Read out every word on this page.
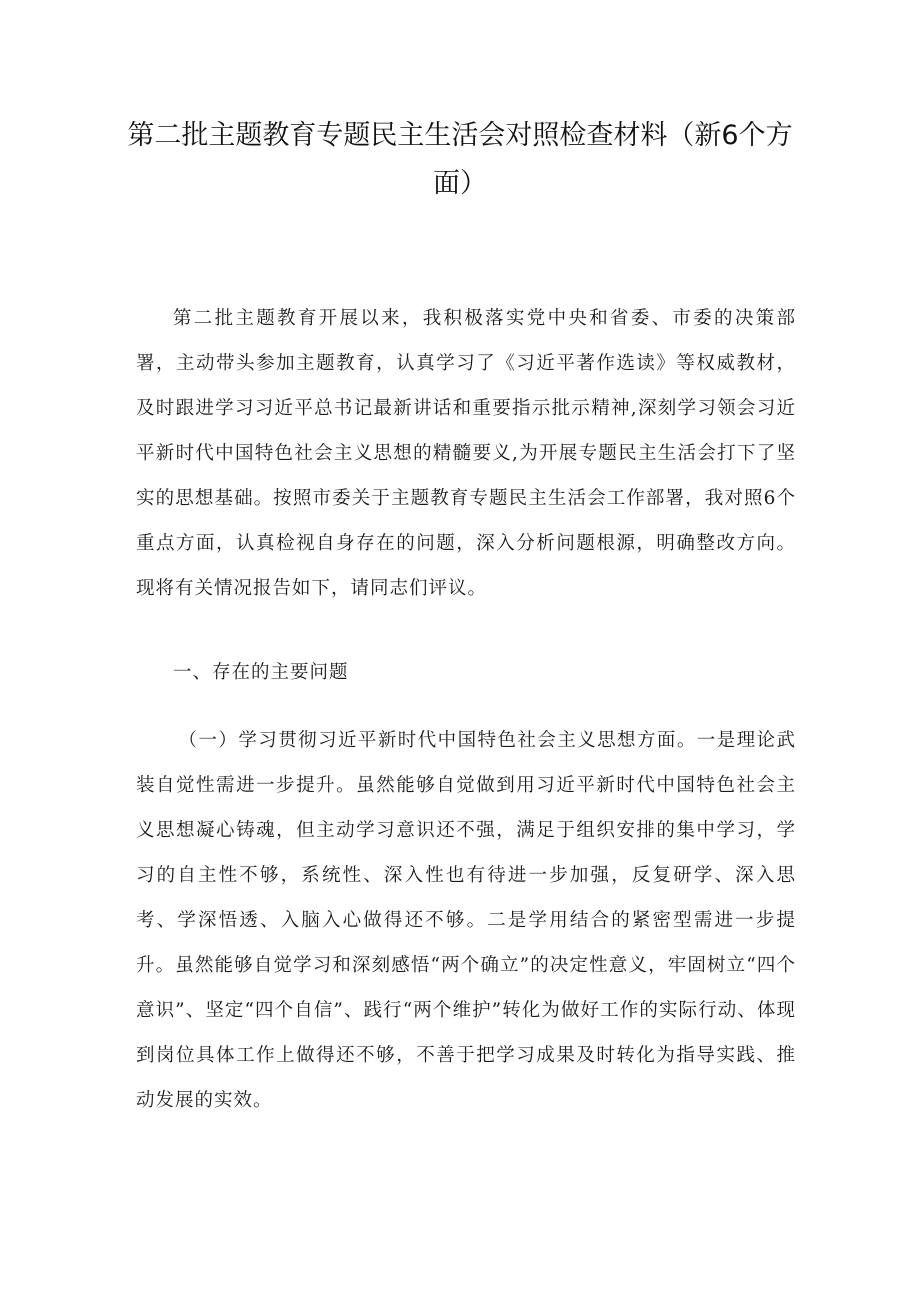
第二批主题教育专题民主生活会对照检查材料（新6个方面）

第二批主题教育开展以来，我积极落实党中央和省委、市委的决策部署，主动带头参加主题教育，认真学习了《习近平著作选读》等权威教材，及时跟进学习习近平总书记最新讲话和重要指示批示精神,深刻学习领会习近平新时代中国特色社会主义思想的精髓要义,为开展专题民主生活会打下了坚实的思想基础。按照市委关于主题教育专题民主生活会工作部署，我对照6个重点方面，认真检视自身存在的问题，深入分析问题根源，明确整改方向。现将有关情况报告如下，请同志们评议。

一、存在的主要问题

（一）学习贯彻习近平新时代中国特色社会主义思想方面。一是理论武装自觉性需进一步提升。虽然能够自觉做到用习近平新时代中国特色社会主义思想凝心铸魂，但主动学习意识还不强，满足于组织安排的集中学习，学习的自主性不够，系统性、深入性也有待进一步加强，反复研学、深入思考、学深悟透、入脑入心做得还不够。二是学用结合的紧密型需进一步提升。虽然能够自觉学习和深刻感悟“两个确立”的决定性意义，牢固树立“四个意识”、坚定“四个自信”、践行“两个维护”转化为做好工作的实际行动、体现到岗位具体工作上做得还不够，不善于把学习成果及时转化为指导实践、推动发展的实效。
